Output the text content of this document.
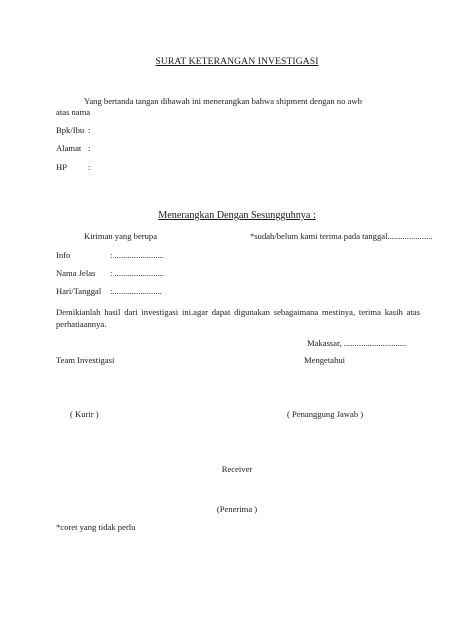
SURAT KETERANGAN INVESTIGASI
Yang bertanda tangan dibawah ini menerangkan bahwa shipment dengan no awb
atas nama
Bpk/Ibu :
Alamat :
HP :
Menerangkan Dengan Sesungguhnya :
Kiriman yang berupa	*sudah/belum kami terima pada tanggal.....................
Info	: .......................
Nama Jelas : .......................
Hari/Tanggal :.......................
Demikianlah hasil dari investigasi ini.agar dapat digunakan sebagaimana mestinya, terima kasih atas perhatiaannya.
Makassar, .............................
Team Investigasi	Mengetahui
( Kurir )	( Penanggung Jawab )
Receiver
(Penerima )
*coret yang tidak perlu
